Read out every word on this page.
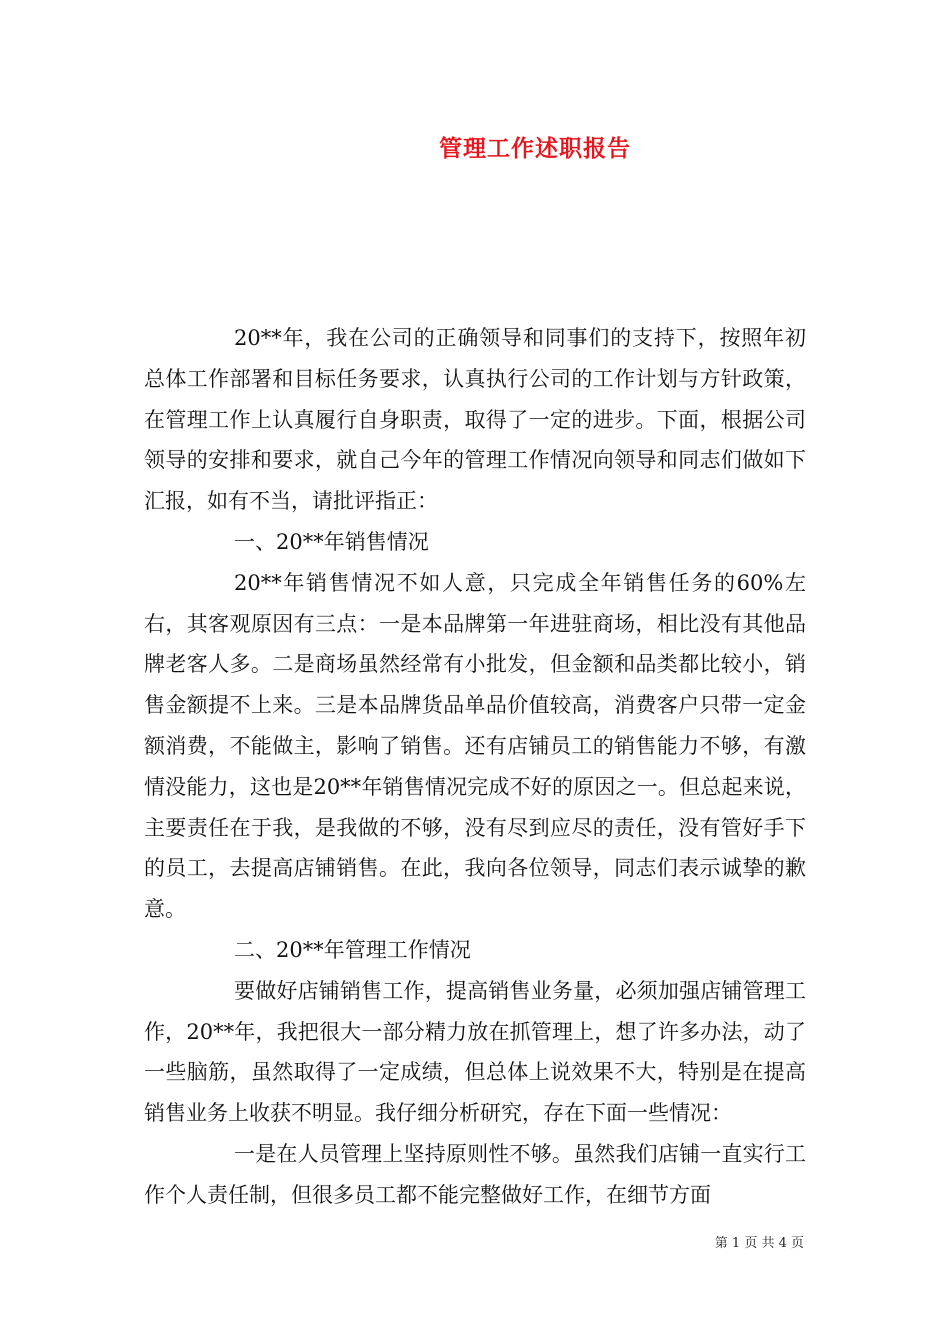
管理工作述职报告

20**年，我在公司的正确领导和同事们的支持下，按照年初总体工作部署和目标任务要求，认真执行公司的工作计划与方针政策，在管理工作上认真履行自身职责，取得了一定的进步。下面，根据公司领导的安排和要求，就自己今年的管理工作情况向领导和同志们做如下汇报，如有不当，请批评指正：

一、20**年销售情况

20**年销售情况不如人意，只完成全年销售任务的60%左右，其客观原因有三点：一是本品牌第一年进驻商场，相比没有其他品牌老客人多。二是商场虽然经常有小批发，但金额和品类都比较小，销售金额提不上来。三是本品牌货品单品价值较高，消费客户只带一定金额消费，不能做主，影响了销售。还有店铺员工的销售能力不够，有激情没能力，这也是20**年销售情况完成不好的原因之一。但总起来说，主要责任在于我，是我做的不够，没有尽到应尽的责任，没有管好手下的员工，去提高店铺销售。在此，我向各位领导，同志们表示诚挚的歉意。

二、20**年管理工作情况

要做好店铺销售工作，提高销售业务量，必须加强店铺管理工作，20**年，我把很大一部分精力放在抓管理上，想了许多办法，动了一些脑筋，虽然取得了一定成绩，但总体上说效果不大，特别是在提高销售业务上收获不明显。我仔细分析研究，存在下面一些情况：

一是在人员管理上坚持原则性不够。虽然我们店铺一直实行工作个人责任制，但很多员工都不能完整做好工作，在细节方面

第 1 页 共 4 页
